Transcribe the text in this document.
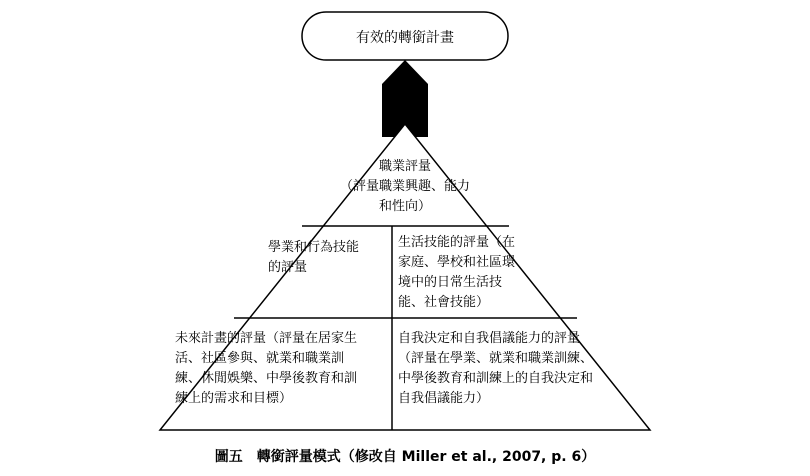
有效的轉銜計畫
職業評量
（評量職業興趣、能力
和性向）
學業和行為技能
的評量
生活技能的評量（在
家庭、學校和社區環
境中的日常生活技
能、社會技能）
未來計畫的評量（評量在居家生
活、社區參與、就業和職業訓
練、休閒娛樂、中學後教育和訓
練上的需求和目標）
自我決定和自我倡議能力的評量
（評量在學業、就業和職業訓練、
中學後教育和訓練上的自我決定和
自我倡議能力）
圖五　轉銜評量模式（修改自 Miller et al., 2007, p. 6）
